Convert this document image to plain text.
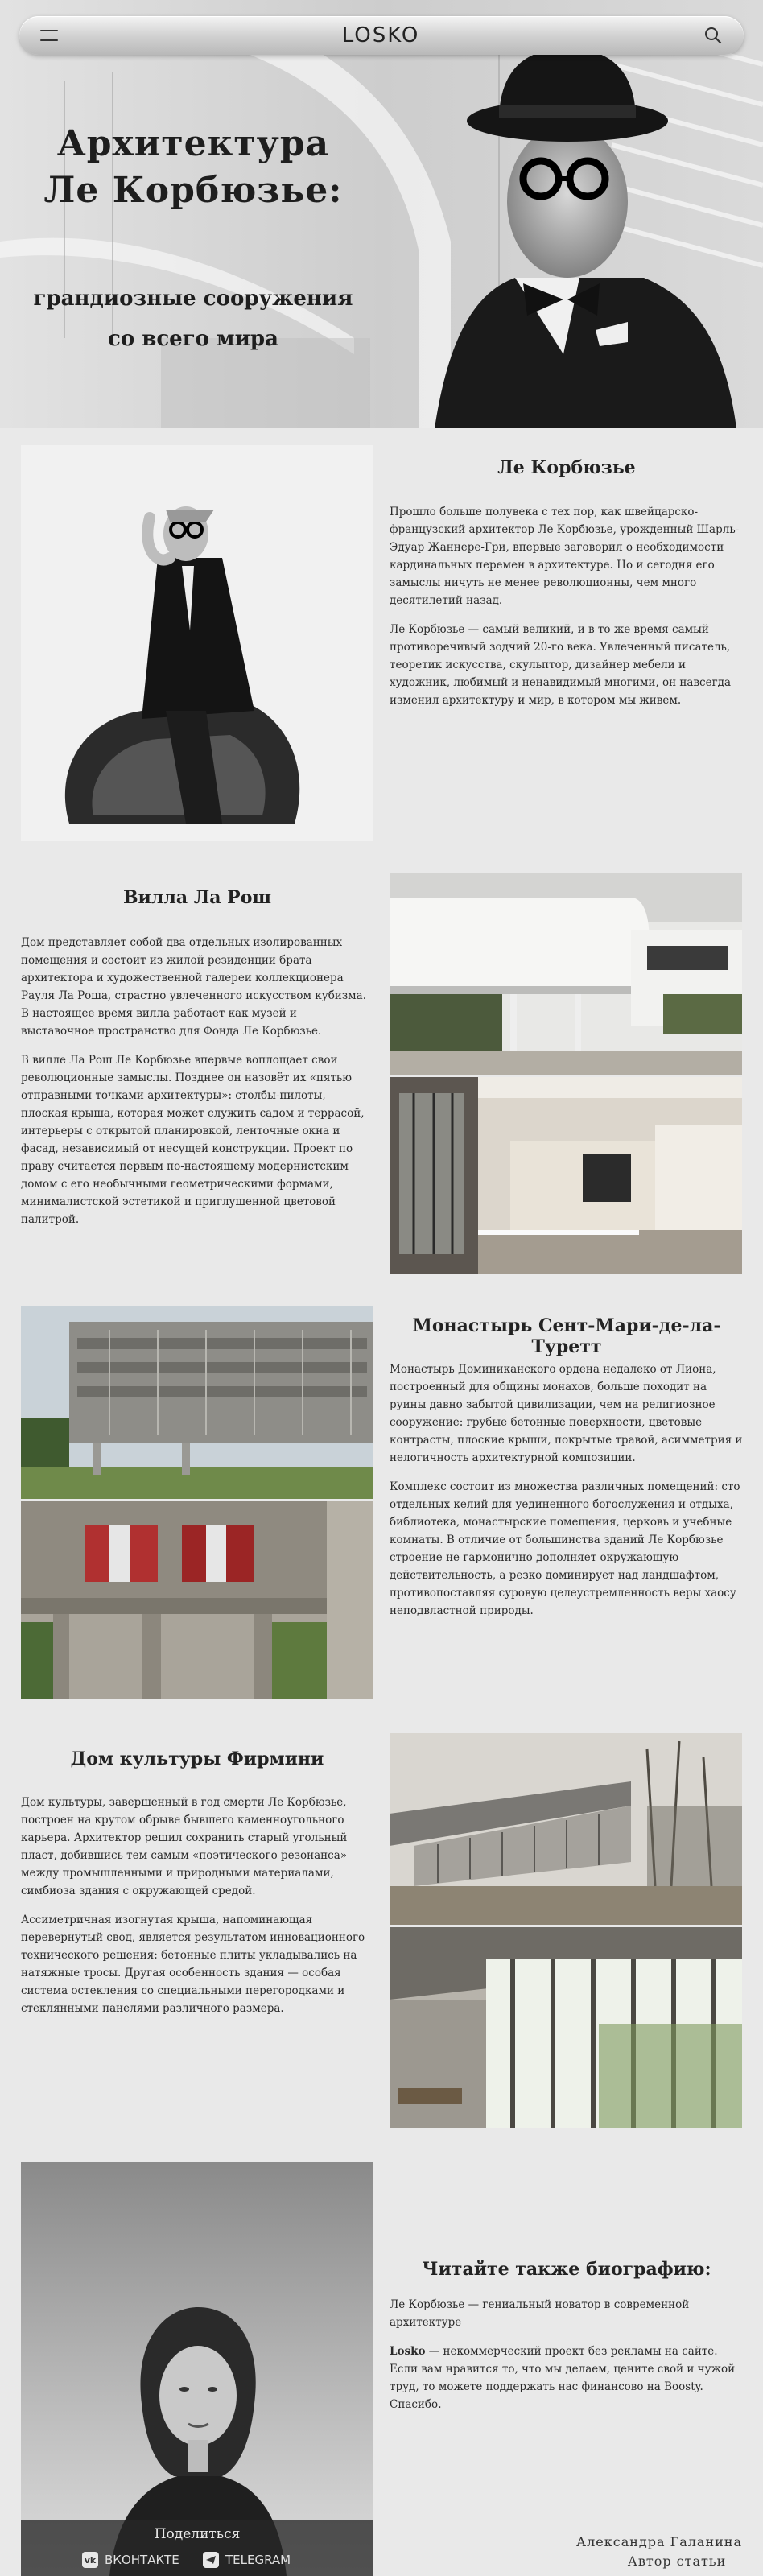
LOSKO
Архитектура
Ле Корбюзье:
грандиозные сооружения
со всего мира
Ле Корбюзье

Прошло больше полувека с тех пор, как швейцарско-французский архитектор Ле Корбюзье, урожденный Шарль-Эдуар Жаннере-Гри, впервые заговорил о необходимости кардинальных перемен в архитектуре. Но и сегодня его замыслы ничуть не менее революционны, чем много десятилетий назад.

Ле Корбюзье — самый великий, и в то же время самый противоречивый зодчий 20-го века. Увлеченный писатель, теоретик искусства, скульптор, дизайнер мебели и художник, любимый и ненавидимый многими, он навсегда изменил архитектуру и мир, в котором мы живем.

Вилла Ла Рош

Дом представляет собой два отдельных изолированных помещения и состоит из жилой резиденции брата архитектора и художественной галереи коллекционера Рауля Ла Роша, страстно увлеченного искусством кубизма. В настоящее время вилла работает как музей и выставочное пространство для Фонда Ле Корбюзье.

В вилле Ла Рош Ле Корбюзье впервые воплощает свои революционные замыслы. Позднее он назовёт их «пятью отправными точками архитектуры»: столбы-пилоты, плоская крыша, которая может служить садом и террасой, интерьеры с открытой планировкой, ленточные окна и фасад, независимый от несущей конструкции. Проект по праву считается первым по-настоящему модернистским домом с его необычными геометрическими формами, минималистской эстетикой и приглушенной цветовой палитрой.

Монастырь Сент-Мари-де-ла-Туретт

Монастырь Доминиканского ордена недалеко от Лиона, построенный для общины монахов, больше походит на руины давно забытой цивилизации, чем на религиозное сооружение: грубые бетонные поверхности, цветовые контрасты, плоские крыши, покрытые травой, асимметрия и нелогичность архитектурной композиции.

Комплекс состоит из множества различных помещений: сто отдельных келий для уединенного богослужения и отдыха, библиотека, монастырские помещения, церковь и учебные комнаты. В отличие от большинства зданий Ле Корбюзье строение не гармонично дополняет окружающую действительность, а резко доминирует над ландшафтом, противопоставляя суровую целеустремленность веры хаосу неподвластной природы.

Дом культуры Фирмини

Дом культуры, завершенный в год смерти Ле Корбюзье, построен на крутом обрыве бывшего каменноугольного карьера. Архитектор решил сохранить старый угольный пласт, добившись тем самым «поэтического резонанса» между промышленными и природными материалами, симбиоза здания с окружающей средой.

Ассиметричная изогнутая крыша, напоминающая перевернутый свод, является результатом инновационного технического решения: бетонные плиты укладывались на натяжные тросы. Другая особенность здания — особая система остекления со специальными перегородками и стеклянными панелями различного размера.

Поделиться
vk ВКОНТАКТЕ	TELEGRAM
Читайте также биографию:

Ле Корбюзье — гениальный новатор в современной архитектуре

Losko — некоммерческий проект без рекламы на сайте. Если вам нравится то, что мы делаем, цените свой и чужой труд, то можете поддержать нас финансово на Boosty. Спасибо.

Александра Галанина
Автор статьи
